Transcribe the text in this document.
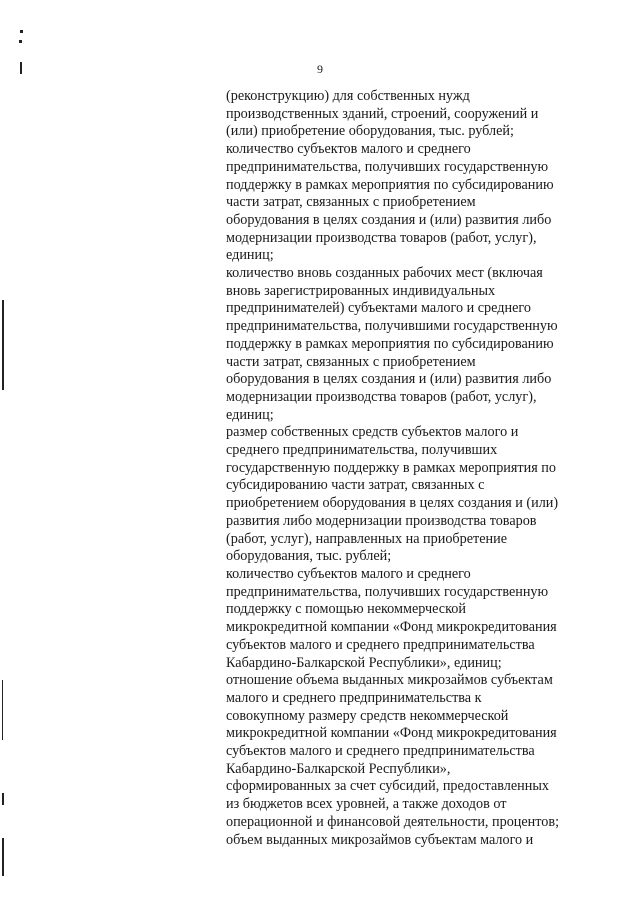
9
(реконструкцию) для собственных нужд
производственных зданий, строений, сооружений и
(или) приобретение оборудования, тыс. рублей;
количество субъектов малого и среднего
предпринимательства, получивших государственную
поддержку в рамках мероприятия по субсидированию
части затрат, связанных с приобретением
оборудования в целях создания и (или) развития либо
модернизации производства товаров (работ, услуг),
единиц;
количество вновь созданных рабочих мест (включая
вновь зарегистрированных индивидуальных
предпринимателей) субъектами малого и среднего
предпринимательства, получившими государственную
поддержку в рамках мероприятия по субсидированию
части затрат, связанных с приобретением
оборудования в целях создания и (или) развития либо
модернизации производства товаров (работ, услуг),
единиц;
размер собственных средств субъектов малого и
среднего предпринимательства, получивших
государственную поддержку в рамках мероприятия по
субсидированию части затрат, связанных с
приобретением оборудования в целях создания и (или)
развития либо модернизации производства товаров
(работ, услуг), направленных на приобретение
оборудования, тыс. рублей;
количество субъектов малого и среднего
предпринимательства, получивших государственную
поддержку с помощью некоммерческой
микрокредитной компании «Фонд микрокредитования
субъектов малого и среднего предпринимательства
Кабардино-Балкарской Республики», единиц;
отношение объема выданных микрозаймов субъектам
малого и среднего предпринимательства к
совокупному размеру средств некоммерческой
микрокредитной компании «Фонд микрокредитования
субъектов малого и среднего предпринимательства
Кабардино-Балкарской Республики»,
сформированных за счет субсидий, предоставленных
из бюджетов всех уровней, а также доходов от
операционной и финансовой деятельности, процентов;
объем выданных микрозаймов субъектам малого и
